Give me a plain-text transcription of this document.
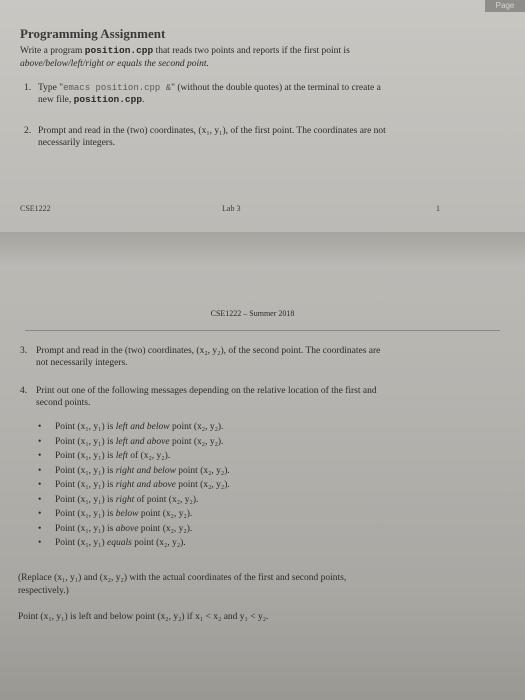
Page
Programming Assignment
Write a program position.cpp that reads two points and reports if the first point is
above/below/left/right or equals the second point.
1. Type "emacs position.cpp &" (without the double quotes) at the terminal to create a
new file, position.cpp.
2. Prompt and read in the (two) coordinates, (x₁, y₁), of the first point. The coordinates are not
necessarily integers.
CSE1222	Lab 3	1
CSE1222 – Summer 2018
3. Prompt and read in the (two) coordinates, (x₂, y₂), of the second point. The coordinates are
not necessarily integers.
4. Print out one of the following messages depending on the relative location of the first and
second points.
• Point (x₁, y₁) is left and below point (x₂, y₂).
• Point (x₁, y₁) is left and above point (x₂, y₂).
• Point (x₁, y₁) is left of (x₂, y₂).
• Point (x₁, y₁) is right and below point (x₂, y₂).
• Point (x₁, y₁) is right and above point (x₂, y₂).
• Point (x₁, y₁) is right of point (x₂, y₂).
• Point (x₁, y₁) is below point (x₂, y₂).
• Point (x₁, y₁) is above point (x₂, y₂).
• Point (x₁, y₁) equals point (x₂, y₂).
(Replace (x₁, y₁) and (x₂, y₂) with the actual coordinates of the first and second points,
respectively.)
Point (x₁, y₁) is left and below point (x₂, y₂) if x₁ < x₂ and y₁ < y₂.
